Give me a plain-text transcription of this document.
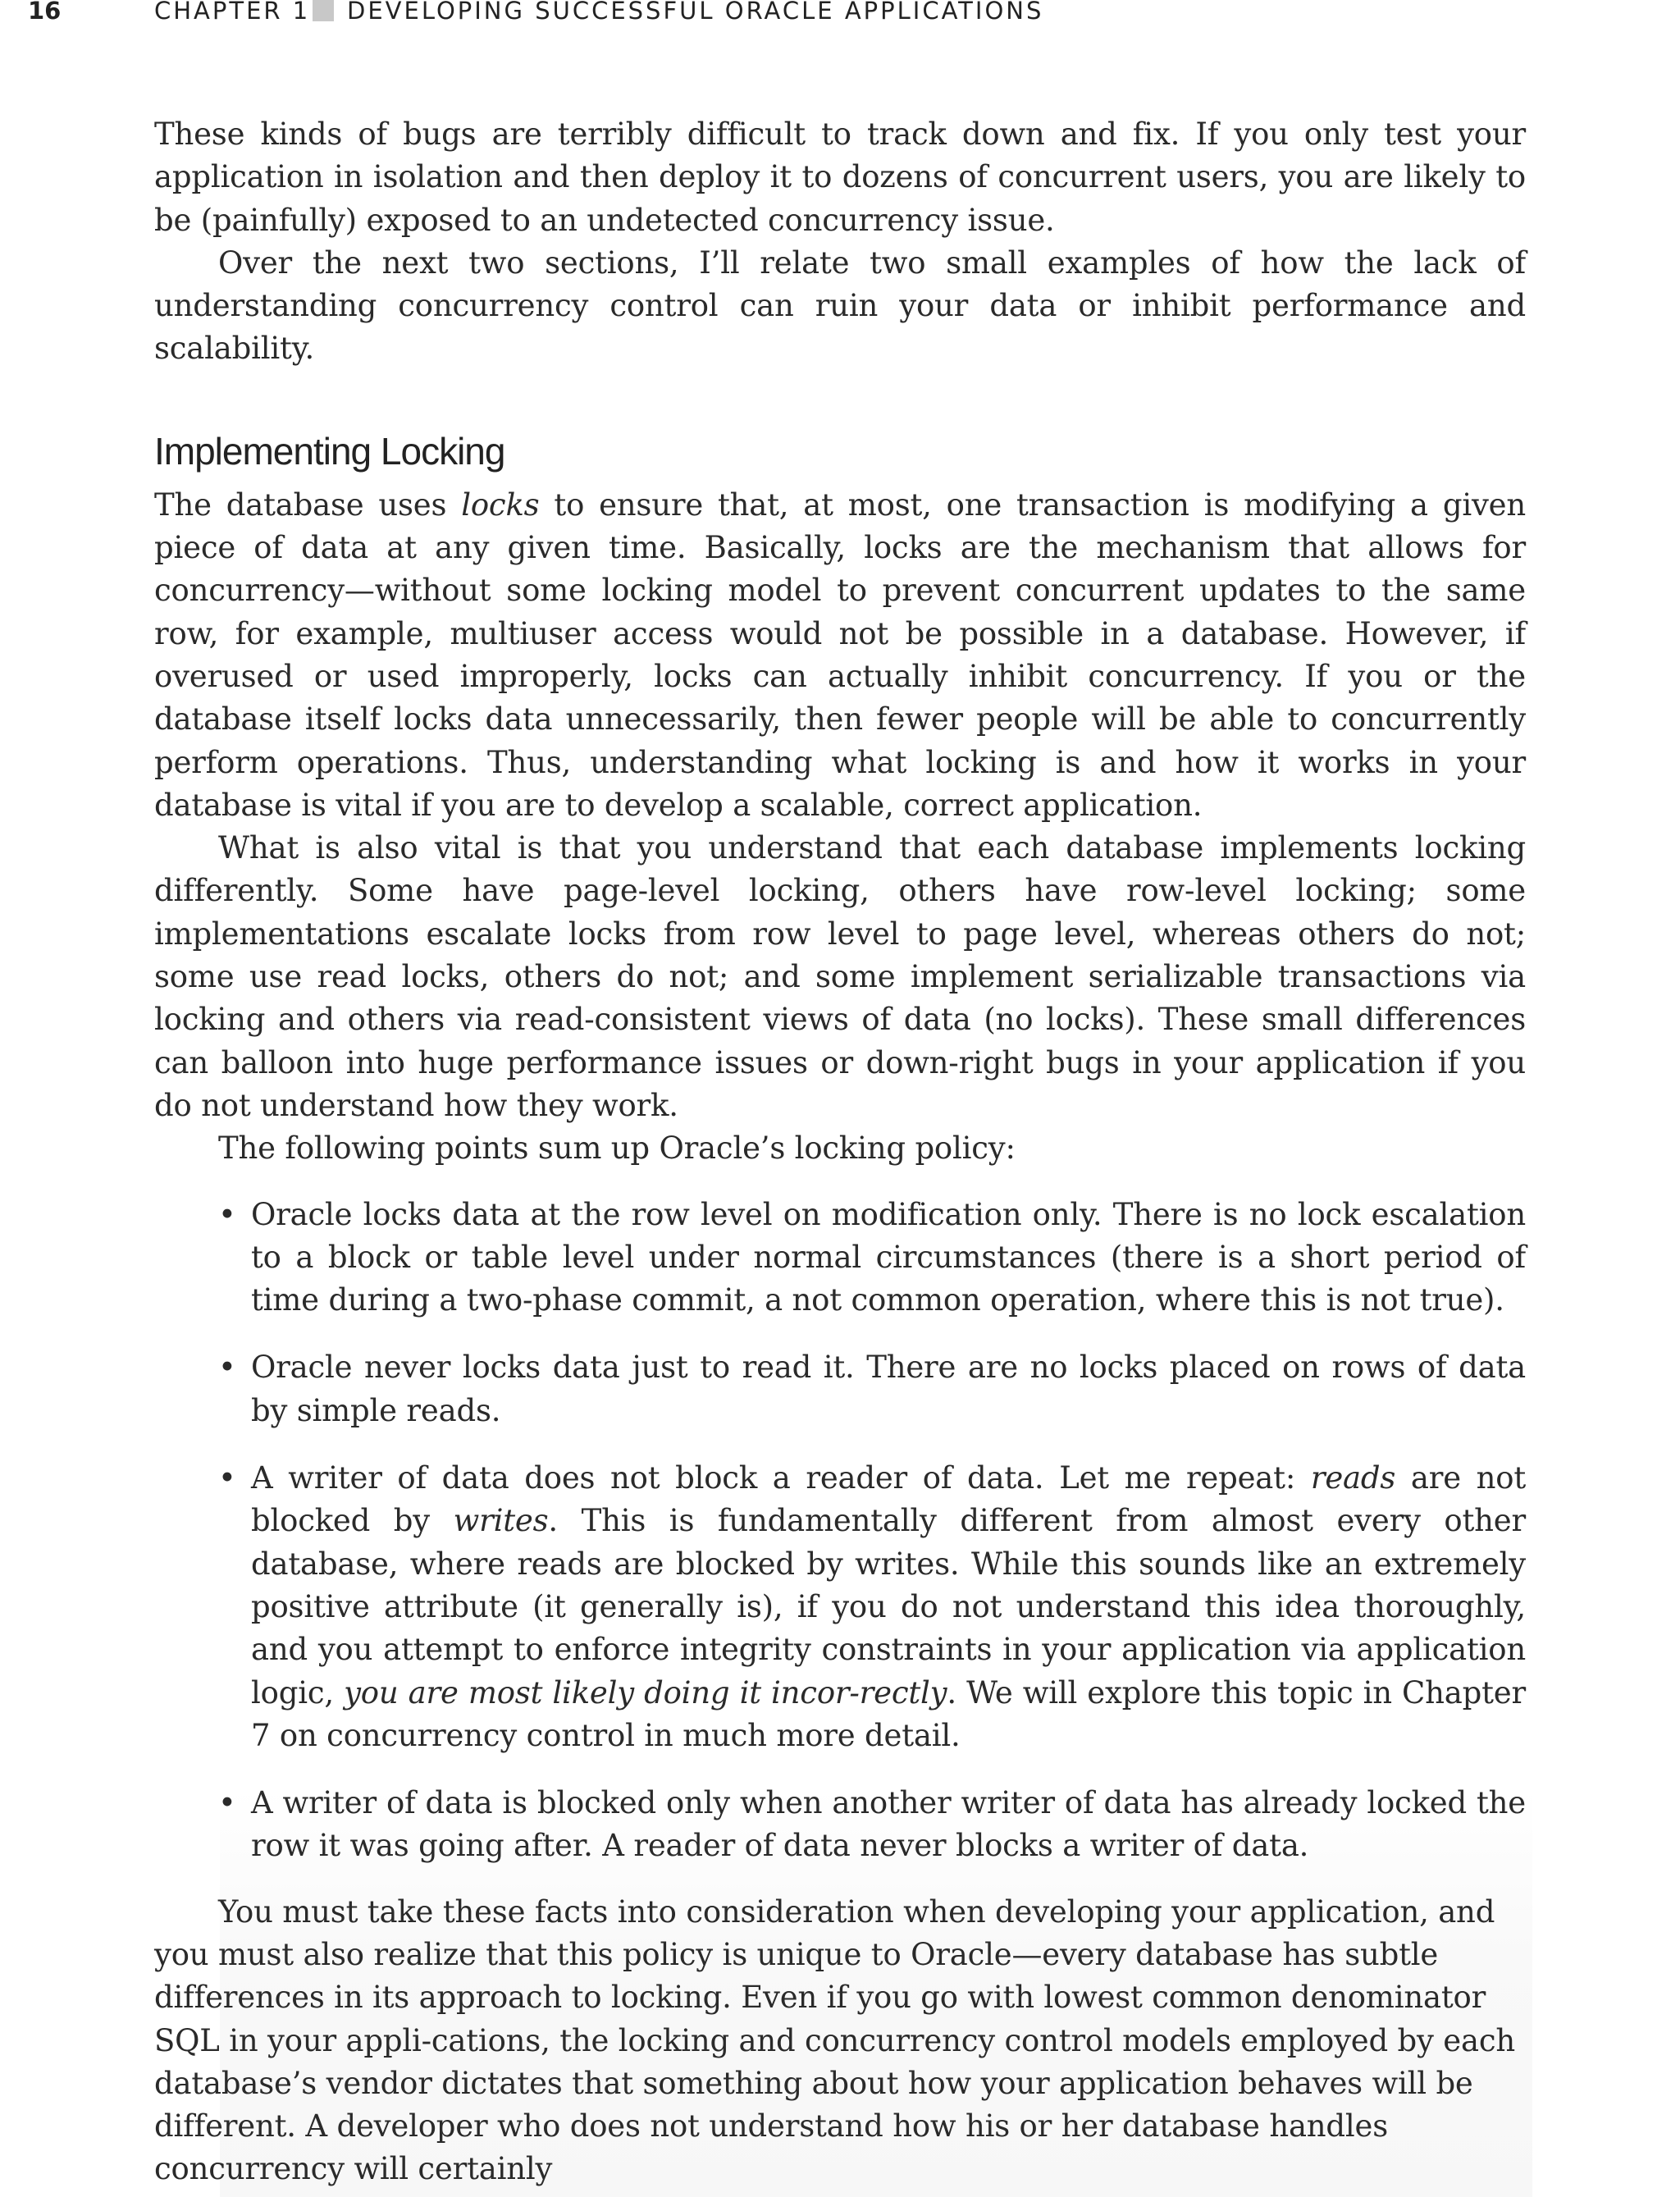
16	CHAPTER 1 DEVELOPING SUCCESSFUL ORACLE APPLICATIONS

These kinds of bugs are terribly difficult to track down and fix. If you only test your application in isolation and then deploy it to dozens of concurrent users, you are likely to be (painfully) exposed to an undetected concurrency issue.

Over the next two sections, I’ll relate two small examples of how the lack of understanding concurrency control can ruin your data or inhibit performance and scalability.

Implementing Locking

The database uses locks to ensure that, at most, one transaction is modifying a given piece of data at any given time. Basically, locks are the mechanism that allows for concurrency—without some locking model to prevent concurrent updates to the same row, for example, multiuser access would not be possible in a database. However, if overused or used improperly, locks can actually inhibit concurrency. If you or the database itself locks data unnecessarily, then fewer people will be able to concurrently perform operations. Thus, understanding what locking is and how it works in your database is vital if you are to develop a scalable, correct application.

What is also vital is that you understand that each database implements locking differently. Some have page-level locking, others have row-level locking; some implementations escalate locks from row level to page level, whereas others do not; some use read locks, others do not; and some implement serializable transactions via locking and others via read-consistent views of data (no locks). These small differences can balloon into huge performance issues or down-right bugs in your application if you do not understand how they work.

The following points sum up Oracle’s locking policy:

• Oracle locks data at the row level on modification only. There is no lock escalation to a block or table level under normal circumstances (there is a short period of time during a two-phase commit, a not common operation, where this is not true).
• Oracle never locks data just to read it. There are no locks placed on rows of data by simple reads.
• A writer of data does not block a reader of data. Let me repeat: reads are not blocked by writes. This is fundamentally different from almost every other database, where reads are blocked by writes. While this sounds like an extremely positive attribute (it generally is), if you do not understand this idea thoroughly, and you attempt to enforce integrity constraints in your application via application logic, you are most likely doing it incor-rectly. We will explore this topic in Chapter 7 on concurrency control in much more detail.
• A writer of data is blocked only when another writer of data has already locked the row it was going after. A reader of data never blocks a writer of data.

You must take these facts into consideration when developing your application, and you must also realize that this policy is unique to Oracle—every database has subtle differences in its approach to locking. Even if you go with lowest common denominator SQL in your appli-cations, the locking and concurrency control models employed by each database’s vendor dictates that something about how your application behaves will be different. A developer who does not understand how his or her database handles concurrency will certainly
